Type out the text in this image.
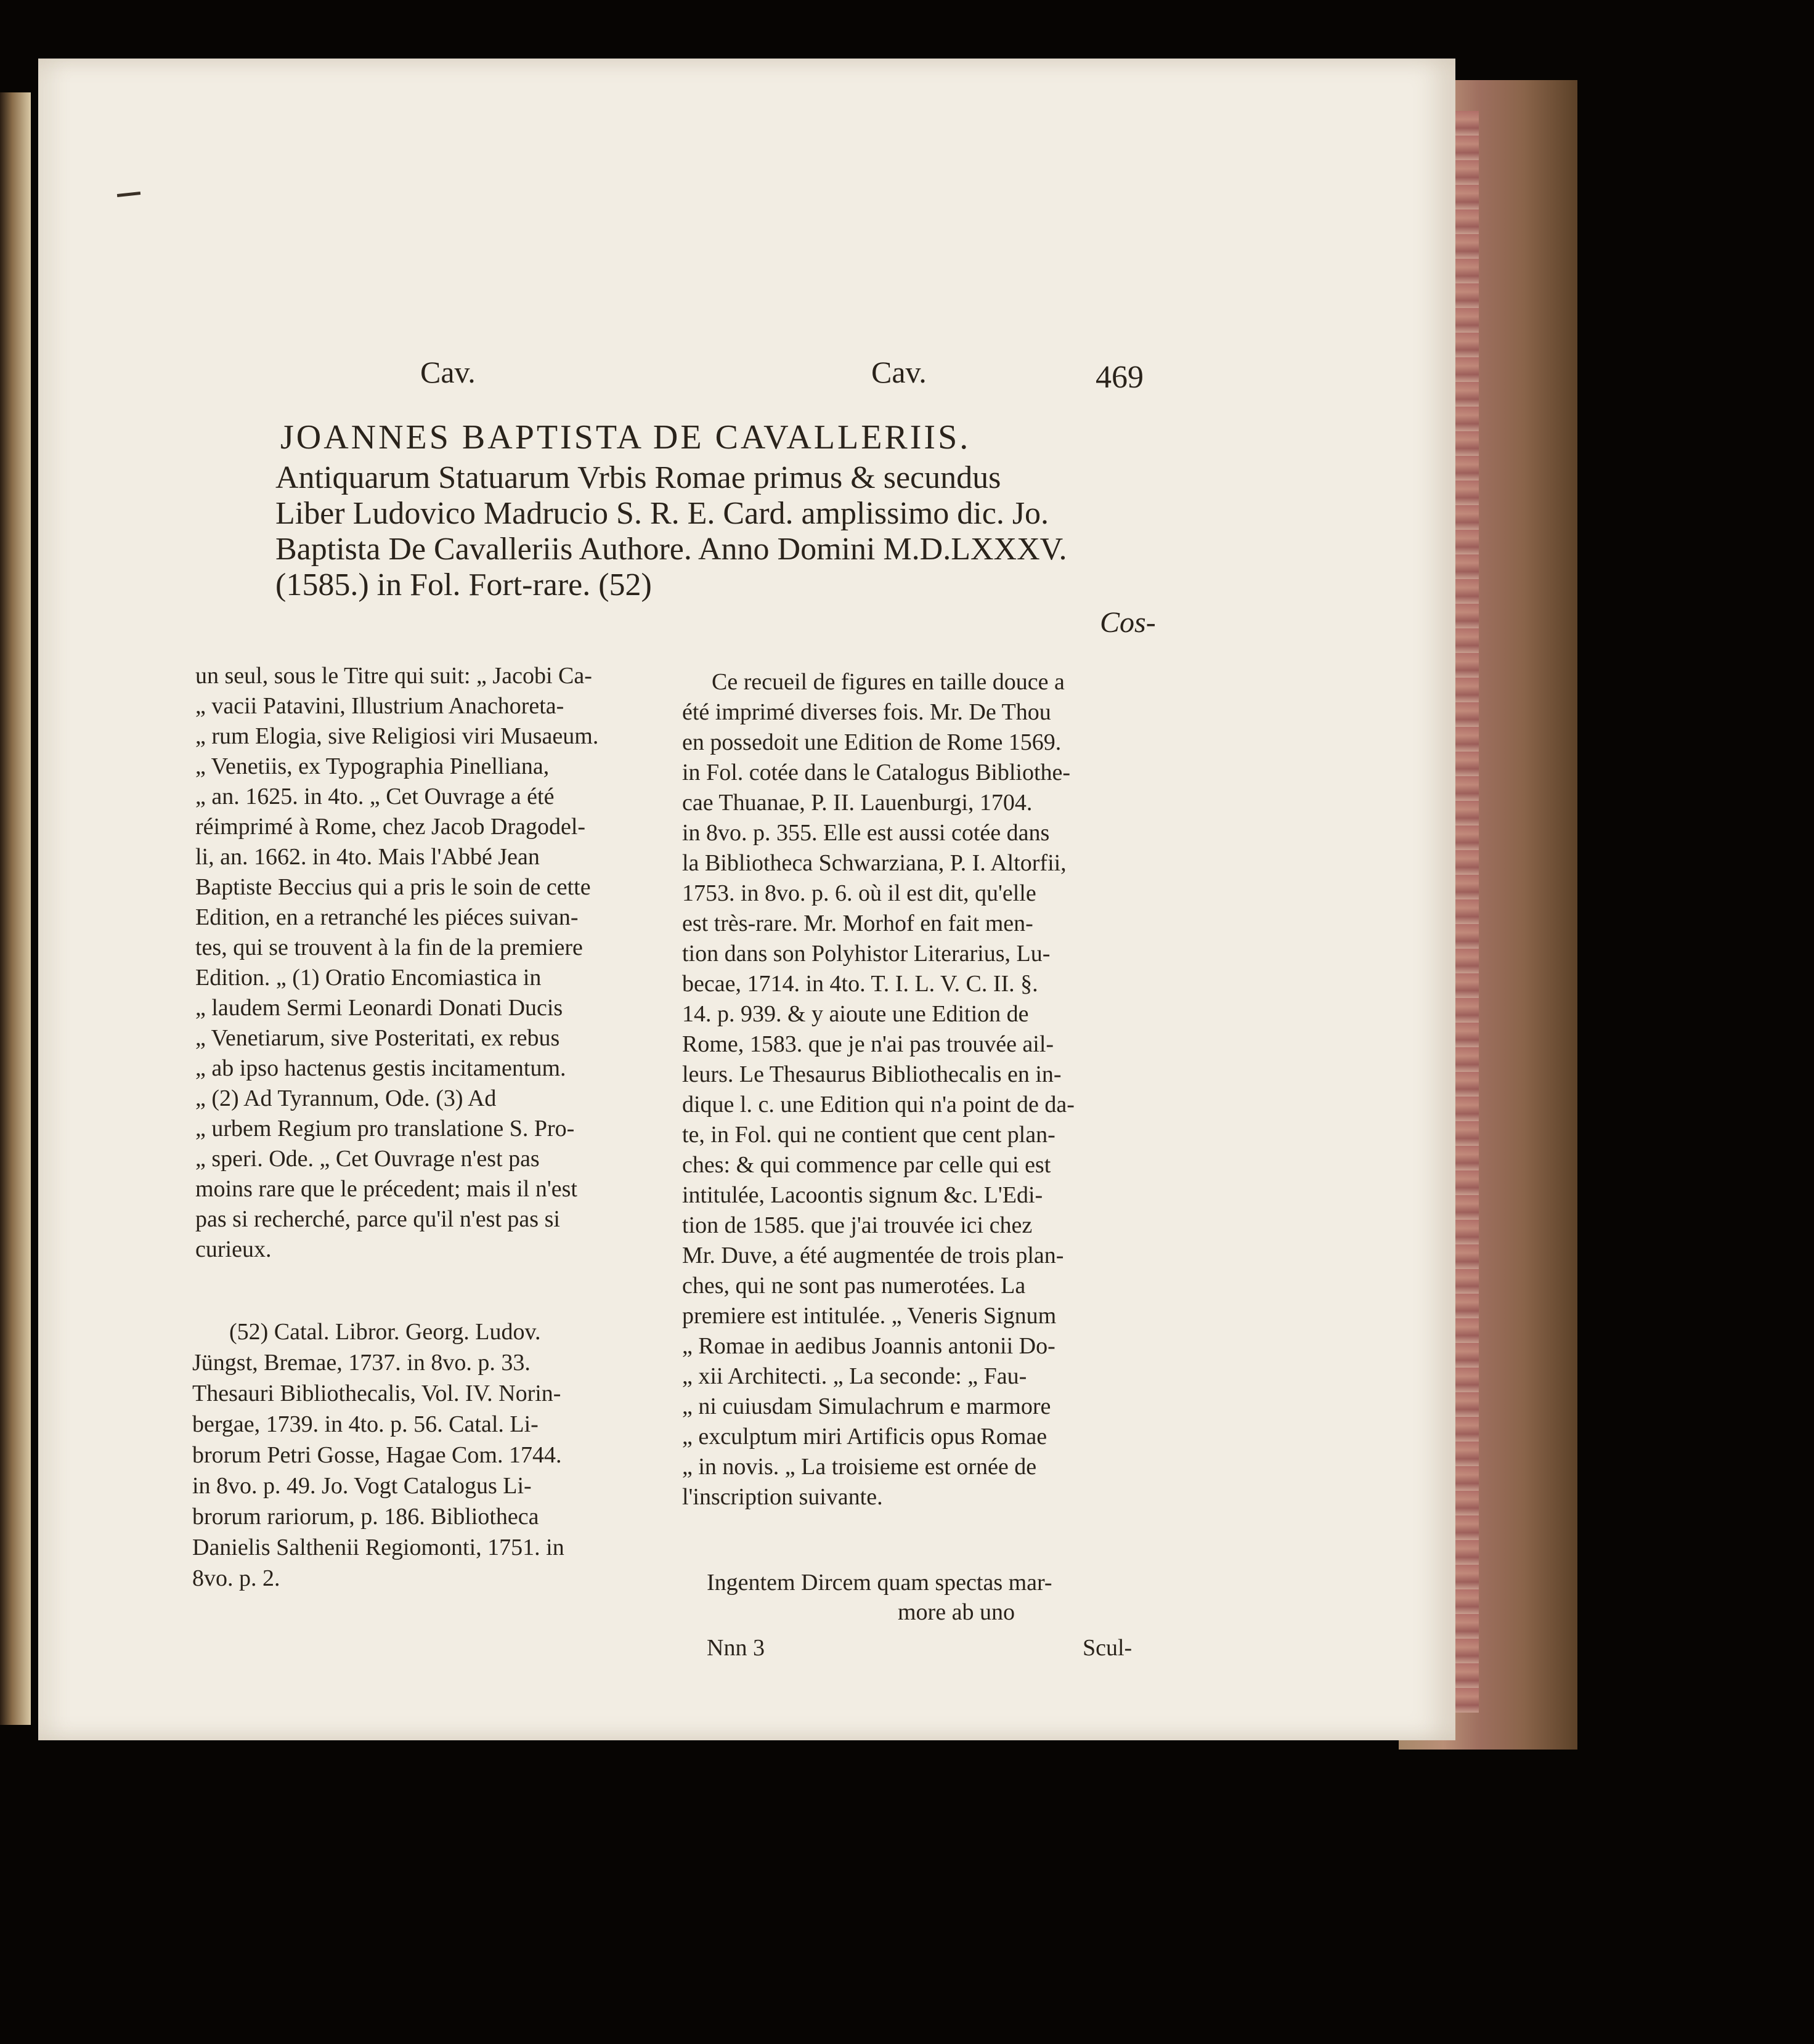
Cav.	Cav.	469
JOANNES BAPTISTA DE CAVALLERIIS.
Antiquarum Statuarum Vrbis Romae primus & secundus
Liber Ludovico Madrucio S. R. E. Card. amplissimo dic. Jo.
Baptista De Cavalleriis Authore. Anno Domini M.D.LXXXV.
(1585.) in Fol. Fort-rare. (52)
Cos-
un seul, sous le Titre qui suit: „ Jacobi Ca-
„ vacii Patavini, Illustrium Anachoreta-
„ rum Elogia, sive Religiosi viri Musaeum.
„ Venetiis, ex Typographia Pinelliana,
„ an. 1625. in 4to. „ Cet Ouvrage a été
réimprimé à Rome, chez Jacob Dragodel-
li, an. 1662. in 4to. Mais l'Abbé Jean
Baptiste Beccius qui a pris le soin de cette
Edition, en a retranché les piéces suivan-
tes, qui se trouvent à la fin de la premiere
Edition. „ (1) Oratio Encomiastica in
„ laudem Sermi Leonardi Donati Ducis
„ Venetiarum, sive Posteritati, ex rebus
„ ab ipso hactenus gestis incitamentum.
„ (2) Ad Tyrannum, Ode. (3) Ad
„ urbem Regium pro translatione S. Pro-
„ speri. Ode. „ Cet Ouvrage n'est pas
moins rare que le précedent; mais il n'est
pas si recherché, parce qu'il n'est pas si
curieux.
(52) Catal. Libror. Georg. Ludov.
Jüngst, Bremae, 1737. in 8vo. p. 33.
Thesauri Bibliothecalis, Vol. IV. Norin-
bergae, 1739. in 4to. p. 56. Catal. Li-
brorum Petri Gosse, Hagae Com. 1744.
in 8vo. p. 49. Jo. Vogt Catalogus Li-
brorum rariorum, p. 186. Bibliotheca
Danielis Salthenii Regiomonti, 1751. in
8vo. p. 2.
Ce recueil de figures en taille douce a
été imprimé diverses fois. Mr. De Thou
en possedoit une Edition de Rome 1569.
in Fol. cotée dans le Catalogus Bibliothe-
cae Thuanae, P. II. Lauenburgi, 1704.
in 8vo. p. 355. Elle est aussi cotée dans
la Bibliotheca Schwarziana, P. I. Altorfii,
1753. in 8vo. p. 6. où il est dit, qu'elle
est très-rare. Mr. Morhof en fait men-
tion dans son Polyhistor Literarius, Lu-
becae, 1714. in 4to. T. I. L. V. C. II. §.
14. p. 939. & y aioute une Edition de
Rome, 1583. que je n'ai pas trouvée ail-
leurs. Le Thesaurus Bibliothecalis en in-
dique l. c. une Edition qui n'a point de da-
te, in Fol. qui ne contient que cent plan-
ches: & qui commence par celle qui est
intitulée, Lacoontis signum &c. L'Edi-
tion de 1585. que j'ai trouvée ici chez
Mr. Duve, a été augmentée de trois plan-
ches, qui ne sont pas numerotées. La
premiere est intitulée. „ Veneris Signum
„ Romae in aedibus Joannis antonii Do-
„ xii Architecti. „ La seconde: „ Fau-
„ ni cuiusdam Simulachrum e marmore
„ exculptum miri Artificis opus Romae
„ in novis. „ La troisieme est ornée de
l'inscription suivante.
Ingentem Dircem quam spectas mar-
more ab uno
Nnn 3	Scul-
